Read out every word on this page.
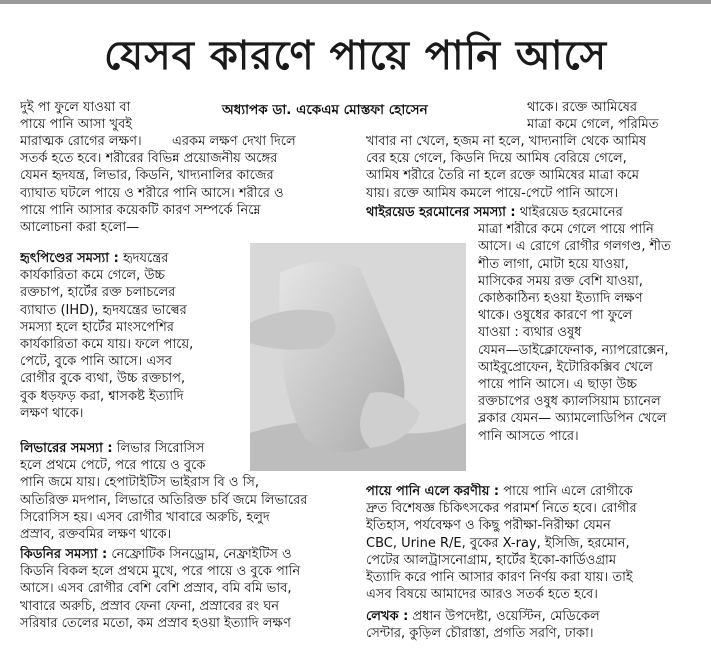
যেসব কারণে পায়ে পানি আসে
দুই পা ফুলে যাওয়া বা
পায়ে পানি আসা খুবই
মারাত্মক রোগের লক্ষণ।
অধ্যাপক ডা. একেএম মোস্তফা হোসেন	থাকে। রক্তে আমিষের
মাত্রা কমে গেলে, পরিমিত
এরকম লক্ষণ দেখা দিলে
সতর্ক হতে হবে। শরীরের বিভিন্ন প্রয়োজনীয় অঙ্গের
যেমন হৃদযন্ত্র, লিভার, কিডনি, খাদ্যনালির কাজের
ব্যাঘাত ঘটলে পায়ে ও শরীরে পানি আসে। শরীরে ও
পায়ে পানি আসার কয়েকটি কারণ সম্পর্কে নিম্নে
আলোচনা করা হলো—
হৃৎপিণ্ডের সমস্যা : হৃদযন্ত্রের
কার্যকারিতা কমে গেলে, উচ্চ
রক্তচাপ, হার্টের রক্ত চলাচলের
ব্যাঘাত (IHD), হৃদযন্ত্রের ভাল্বের
সমস্যা হলে হার্টের মাংসপেশির
কার্যকারিতা কমে যায়। ফলে পায়ে,
পেটে, বুকে পানি আসে। এসব
রোগীর বুকে ব্যথা, উচ্চ রক্তচাপ,
বুক ধড়ফড় করা, শ্বাসকষ্ট ইত্যাদি
লক্ষণ থাকে।
লিভারের সমস্যা : লিভার সিরোসিস
হলে প্রথমে পেটে, পরে পায়ে ও বুকে
পানি জমে যায়। হেপাটাইটিস ভাইরাস বি ও সি,
অতিরিক্ত মদপান, লিভারে অতিরিক্ত চর্বি জমে লিভারের
সিরোসিস হয়। এসব রোগীর খাবারে অরুচি, হলুদ
প্রস্রাব, রক্তবমির লক্ষণ থাকে।
কিডনির সমস্যা : নেফ্রোটিক সিনড্রোম, নেফ্রাইটিস ও
কিডনি বিকল হলে প্রথমে মুখে, পরে পায়ে ও বুকে পানি
আসে। এসব রোগীর বেশি বেশি প্রস্রাব, বমি বমি ভাব,
খাবারে অরুচি, প্রস্রাব ফেনা ফেনা, প্রস্রাবের রং ঘন
সরিষার তেলের মতো, কম প্রস্রাব হওয়া ইত্যাদি লক্ষণ
খাবার না খেলে, হজম না হলে, খাদ্যনালি থেকে আমিষ
বের হয়ে গেলে, কিডনি দিয়ে আমিষ বেরিয়ে গেলে,
আমিষ শরীরে তৈরি না হলে রক্তে আমিষের মাত্রা কমে
যায়। রক্তে আমিষ কমলে পায়ে-পেটে পানি আসে।
থাইরয়েড হরমোনের সমস্যা : থাইরয়েড হরমোনের
মাত্রা শরীরে কমে গেলে পায়ে পানি
আসে। এ রোগে রোগীর গলগণ্ড, শীত
শীত লাগা, মোটা হয়ে যাওয়া,
মাসিকের সময় রক্ত বেশি যাওয়া,
কোষ্ঠকাঠিন্য হওয়া ইত্যাদি লক্ষণ
থাকে। ওষুধের কারণে পা ফুলে
যাওয়া : ব্যথার ওষুধ
যেমন—ডাইক্লোফেনাক, ন্যাপরোক্সেন,
আইবুপ্রোফেন, ইটোরিকক্সিব খেলে
পায়ে পানি আসে। এ ছাড়া উচ্চ
রক্তচাপের ওষুধ ক্যালসিয়াম চ্যানেল
ব্লকার যেমন— অ্যামলোডিপিন খেলে
পানি আসতে পারে।
পায়ে পানি এলে করণীয় : পায়ে পানি এলে রোগীকে
দ্রুত বিশেষজ্ঞ চিকিৎসকের পরামর্শ নিতে হবে। রোগীর
ইতিহাস, পর্যবেক্ষণ ও কিছু পরীক্ষা-নিরীক্ষা যেমন
CBC, Urine R/E, বুকের X-ray, ইসিজি, হরমোন,
পেটের আলট্রাসনোগ্রাম, হার্টের ইকো-কার্ডিওগ্রাম
ইত্যাদি করে পানি আসার কারণ নির্ণয় করা যায়। তাই
এসব বিষয়ে আমাদের আরও সতর্ক হতে হবে।
লেখক : প্রধান উপদেষ্টা, ওয়েস্টিন, মেডিকেল
সেন্টার, কুড়িল চৌরাস্তা, প্রগতি সরণি, ঢাকা।
